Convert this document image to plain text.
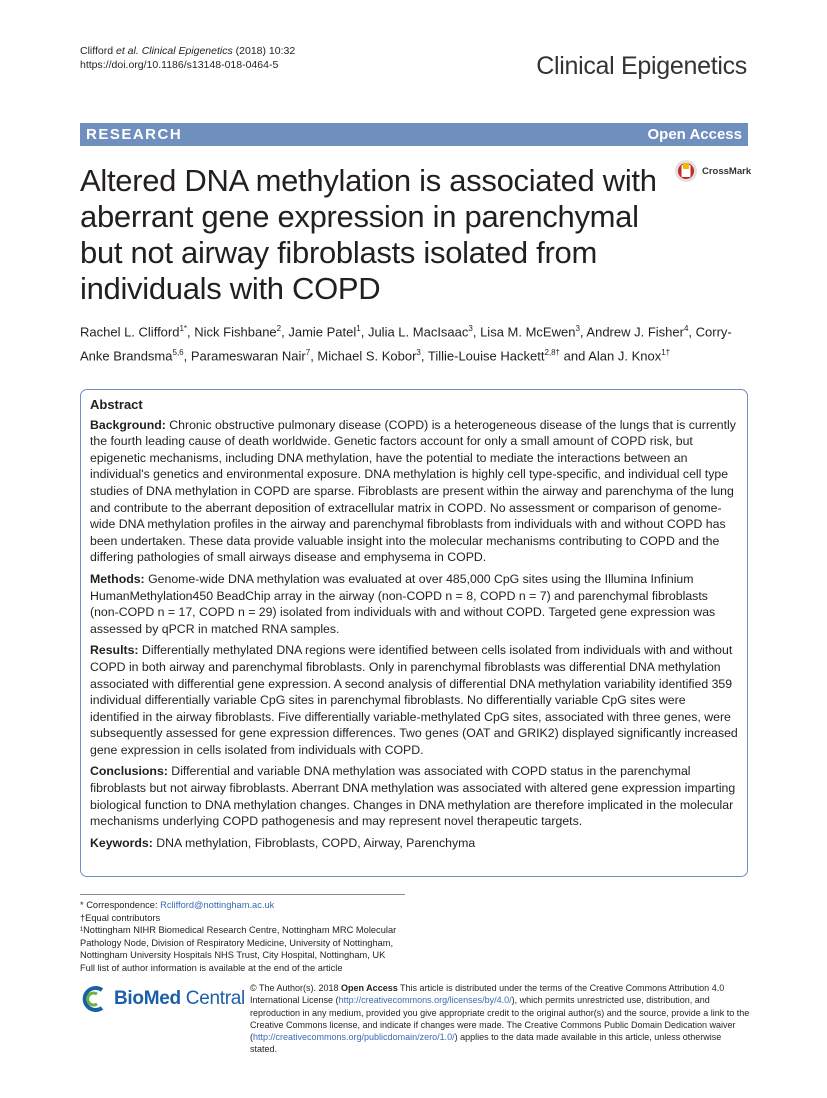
Clifford et al. Clinical Epigenetics (2018) 10:32
https://doi.org/10.1186/s13148-018-0464-5	Clinical Epigenetics
RESEARCH	Open Access
Altered DNA methylation is associated with aberrant gene expression in parenchymal but not airway fibroblasts isolated from individuals with COPD
CrossMark
Rachel L. Clifford$^{1*}$, Nick Fishbane$^2$, Jamie Patel$^1$, Julia L. MacIsaac$^3$, Lisa M. McEwen$^3$, Andrew J. Fisher$^4$, Corry-Anke Brandsma$^{5,6}$, Parameswaran Nair$^7$, Michael S. Kobor$^3$, Tillie-Louise Hackett$^{2,8\dagger}$ and Alan J. Knox$^{1\dagger}$
Abstract

Background: Chronic obstructive pulmonary disease (COPD) is a heterogeneous disease of the lungs that is currently the fourth leading cause of death worldwide. Genetic factors account for only a small amount of COPD risk, but epigenetic mechanisms, including DNA methylation, have the potential to mediate the interactions between an individual's genetics and environmental exposure. DNA methylation is highly cell type-specific, and individual cell type studies of DNA methylation in COPD are sparse. Fibroblasts are present within the airway and parenchyma of the lung and contribute to the aberrant deposition of extracellular matrix in COPD. No assessment or comparison of genome-wide DNA methylation profiles in the airway and parenchymal fibroblasts from individuals with and without COPD has been undertaken. These data provide valuable insight into the molecular mechanisms contributing to COPD and the differing pathologies of small airways disease and emphysema in COPD.

Methods: Genome-wide DNA methylation was evaluated at over 485,000 CpG sites using the Illumina Infinium HumanMethylation450 BeadChip array in the airway (non-COPD n = 8, COPD n = 7) and parenchymal fibroblasts (non-COPD n = 17, COPD n = 29) isolated from individuals with and without COPD. Targeted gene expression was assessed by qPCR in matched RNA samples.

Results: Differentially methylated DNA regions were identified between cells isolated from individuals with and without COPD in both airway and parenchymal fibroblasts. Only in parenchymal fibroblasts was differential DNA methylation associated with differential gene expression. A second analysis of differential DNA methylation variability identified 359 individual differentially variable CpG sites in parenchymal fibroblasts. No differentially variable CpG sites were identified in the airway fibroblasts. Five differentially variable-methylated CpG sites, associated with three genes, were subsequently assessed for gene expression differences. Two genes (OAT and GRIK2) displayed significantly increased gene expression in cells isolated from individuals with COPD.

Conclusions: Differential and variable DNA methylation was associated with COPD status in the parenchymal fibroblasts but not airway fibroblasts. Aberrant DNA methylation was associated with altered gene expression imparting biological function to DNA methylation changes. Changes in DNA methylation are therefore implicated in the molecular mechanisms underlying COPD pathogenesis and may represent novel therapeutic targets.

Keywords: DNA methylation, Fibroblasts, COPD, Airway, Parenchyma

* Correspondence: Rclifford@nottingham.ac.uk
†Equal contributors
¹Nottingham NIHR Biomedical Research Centre, Nottingham MRC Molecular Pathology Node, Division of Respiratory Medicine, University of Nottingham, Nottingham University Hospitals NHS Trust, City Hospital, Nottingham, UK
Full list of author information is available at the end of the article
BioMed Central © The Author(s). 2018 Open Access This article is distributed under the terms of the Creative Commons Attribution 4.0 International License (http://creativecommons.org/licenses/by/4.0/), which permits unrestricted use, distribution, and reproduction in any medium, provided you give appropriate credit to the original author(s) and the source, provide a link to the Creative Commons license, and indicate if changes were made. The Creative Commons Public Domain Dedication waiver (http://creativecommons.org/publicdomain/zero/1.0/) applies to the data made available in this article, unless otherwise stated.
